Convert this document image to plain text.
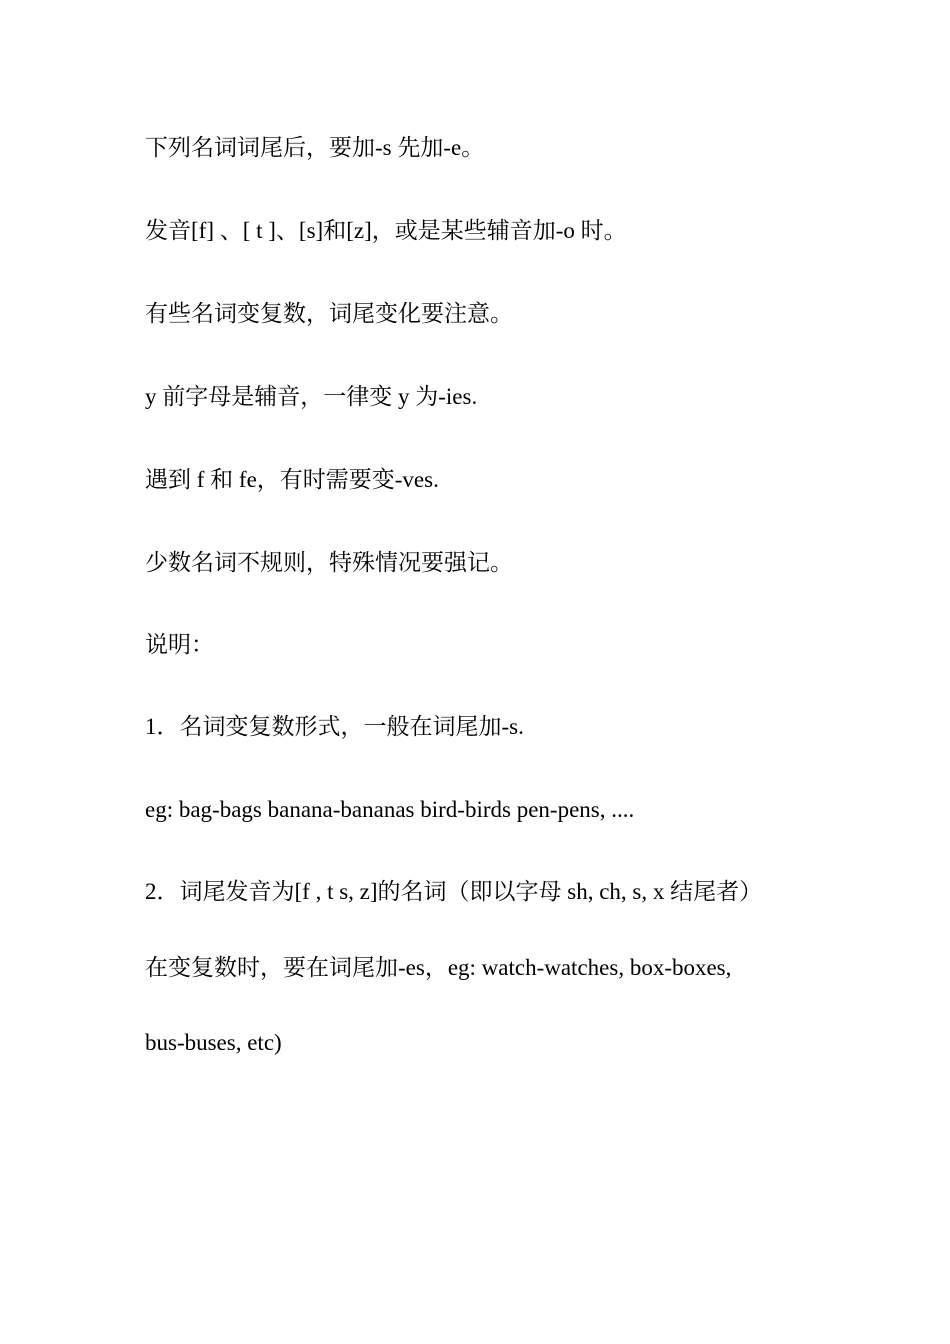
下列名词词尾后，要加-s 先加-e。

发音[f] 、[ t ]、[s]和[z]，或是某些辅音加-o 时。

有些名词变复数，词尾变化要注意。

y 前字母是辅音，一律变 y 为-ies.

遇到 f 和 fe，有时需要变-ves.

少数名词不规则，特殊情况要强记。

说明：

1．名词变复数形式，一般在词尾加-s.

eg: bag-bags banana-bananas bird-birds pen-pens, ....

2．词尾发音为[f , t s, z]的名词（即以字母 sh, ch, s, x 结尾者）

在变复数时，要在词尾加-es，eg: watch-watches, box-boxes,

bus-buses, etc)
